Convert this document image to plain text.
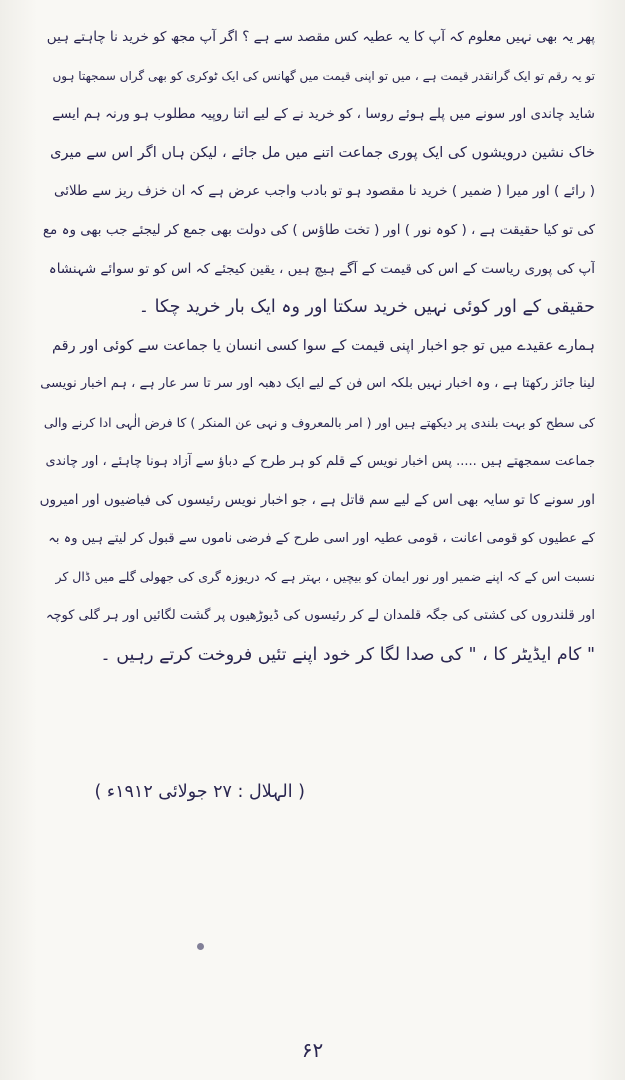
پھر یہ بھی نہیں معلوم کہ آپ کا یہ عطیہ کس مقصد سے ہے ؟ اگر آپ مجھ کو خرید نا چاہتے ہیں
تو یہ رقم تو ایک گرانقدر قیمت ہے ، میں تو اپنی قیمت میں گھانس کی ایک ٹوکری کو بھی گراں سمجھتا ہوں
شاید چاندی اور سونے میں پلے ہوئے روسا ، کو خرید نے کے لیے اتنا روپیہ مطلوب ہو ورنہ ہم ایسے
خاک نشین درویشوں کی ایک پوری جماعت اتنے میں مل جائے ، لیکن ہاں اگر اس سے میری
( رائے ) اور میرا ( ضمیر ) خرید نا مقصود ہو تو بادب واجب عرض ہے کہ ان خزف ریز سے طلائی
کی تو کیا حقیقت ہے ، ( کوہ نور ) اور ( تخت طاؤس ) کی دولت بھی جمع کر لیجئے جب بھی وہ مع
آپ کی پوری ریاست کے اس کی قیمت کے آگے ہیچ ہیں ، یقین کیجئے کہ اس کو تو سوائے شہنشاہ
حقیقی کے اور کوئی نہیں خرید سکتا اور وہ ایک بار خرید چکا ۔
ہمارے عقیدے میں تو جو اخبار اپنی قیمت کے سوا کسی انسان یا جماعت سے کوئی اور رقم
لینا جائز رکھتا ہے ، وہ اخبار نہیں بلکہ اس فن کے لیے ایک دھبہ اور سر تا سر عار ہے ، ہم اخبار نویسی
کی سطح کو بہت بلندی پر دیکھتے ہیں اور ( امر بالمعروف و نہی عن المنکر ) کا فرض الٰہی ادا کرنے والی
جماعت سمجھتے ہیں ..... پس اخبار نویس کے قلم کو ہر طرح کے دباؤ سے آزاد ہونا چاہئے ، اور چاندی
اور سونے کا تو سایہ بھی اس کے لیے سم قاتل ہے ، جو اخبار نویس رئیسوں کی فیاضیوں اور امیروں
کے عطیوں کو قومی اعانت ، قومی عطیہ اور اسی طرح کے فرضی ناموں سے قبول کر لیتے ہیں وہ بہ
نسبت اس کے کہ اپنے ضمیر اور نور ایمان کو بیچیں ، بہتر ہے کہ دریوزہ گری کی جھولی گلے میں ڈال کر
اور قلندروں کی کشتی کی جگہ قلمدان لے کر رئیسوں کی ڈیوڑھیوں پر گشت لگائیں اور ہر گلی کوچہ
" کام ایڈیٹر کا ، " کی صدا لگا کر خود اپنے تئیں فروخت کرتے رہیں ۔
( الہلال : ۲۷ جولائی ۱۹۱۲ء )
۶۲
